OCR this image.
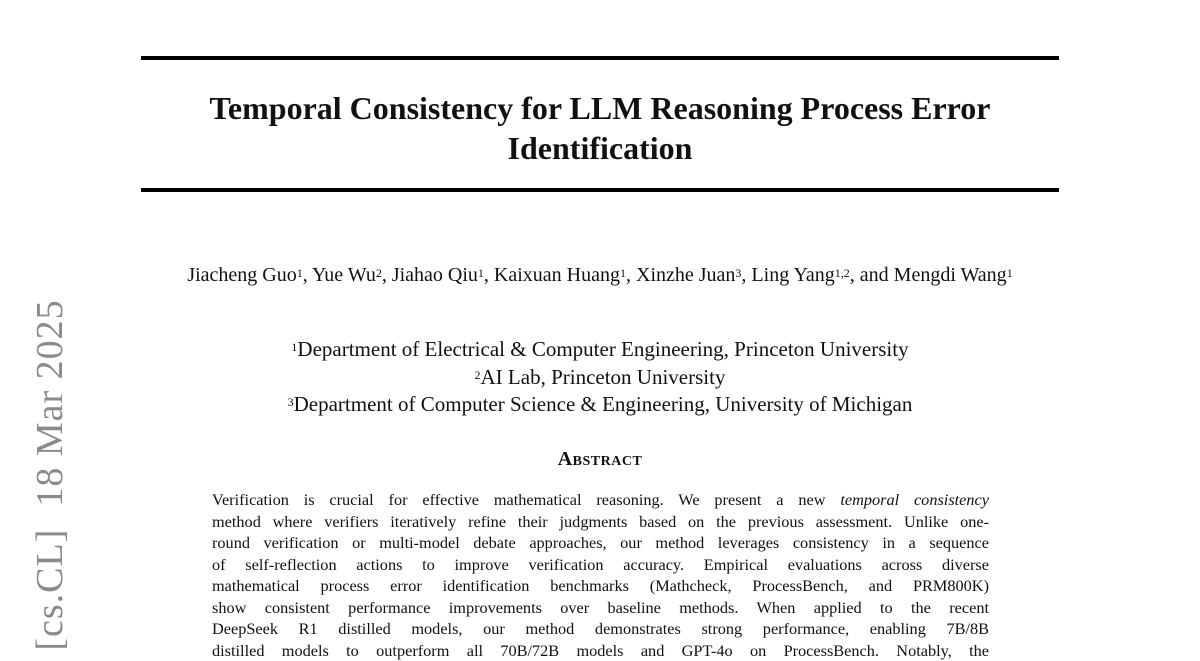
Temporal Consistency for LLM Reasoning Process Error
Identification
[cs.CL]18 Mar 2025
Jiacheng Guo$^1$, Yue Wu$^2$, Jiahao Qiu$^1$, Kaixuan Huang$^1$, Xinzhe Juan$^3$, Ling Yang$^{1,2}$, and Mengdi Wang$^1$
$^1$Department of Electrical & Computer Engineering, Princeton University
$^2$AI Lab, Princeton University
$^3$Department of Computer Science & Engineering, University of Michigan
Abstract
Verification is crucial for effective mathematical reasoning. We present a new temporal consistency
method where verifiers iteratively refine their judgments based on the previous assessment. Unlike one-
round verification or multi-model debate approaches, our method leverages consistency in a sequence
of self-reflection actions to improve verification accuracy. Empirical evaluations across diverse
mathematical process error identification benchmarks (Mathcheck, ProcessBench, and PRM800K)
show consistent performance improvements over baseline methods. When applied to the recent
DeepSeek R1 distilled models, our method demonstrates strong performance, enabling 7B/8B
distilled models to outperform all 70B/72B models and GPT-4o on ProcessBench. Notably, the
